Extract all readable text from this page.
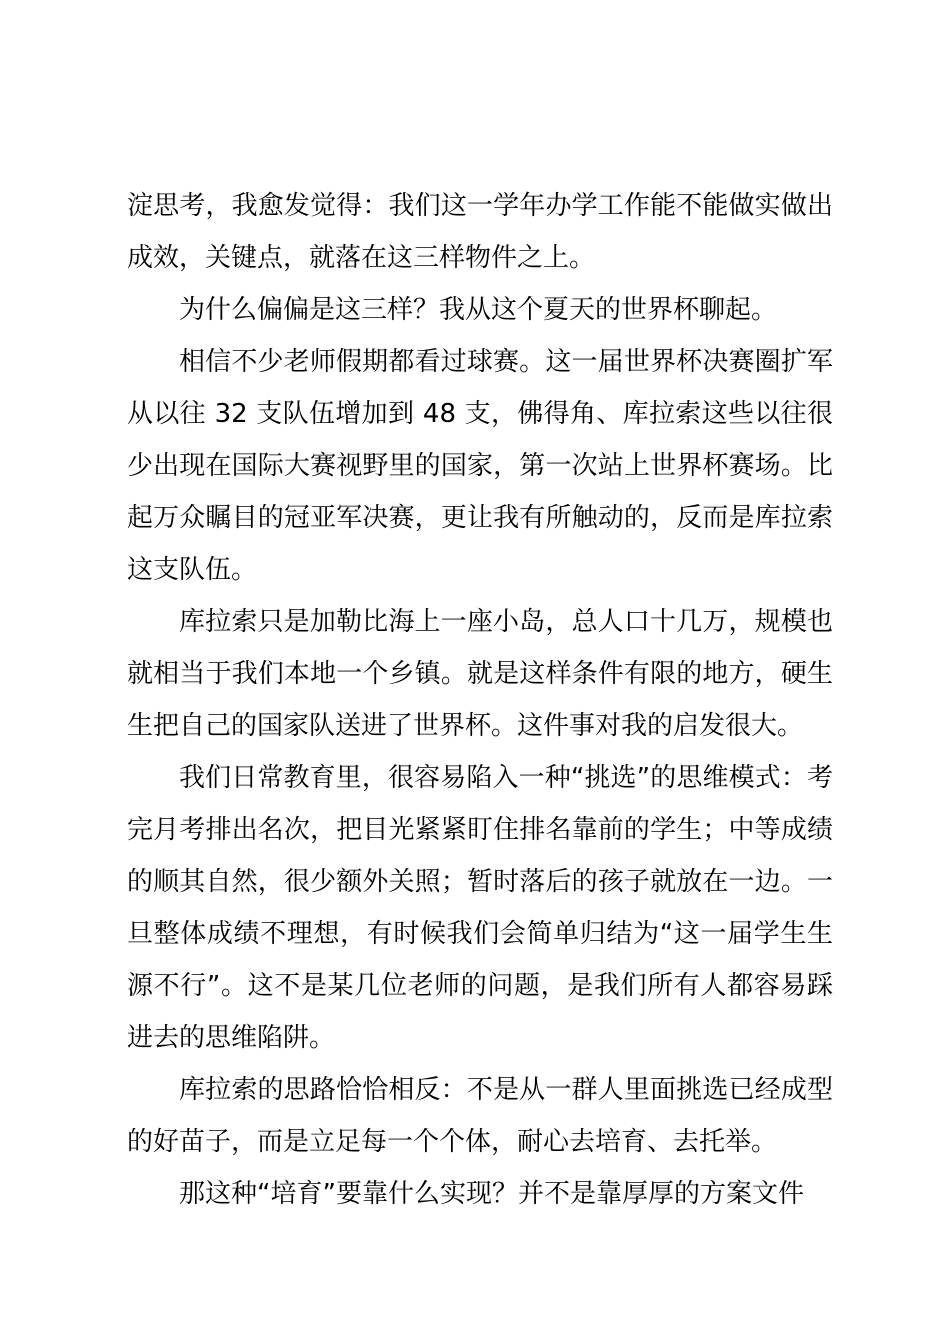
淀思考，我愈发觉得：我们这一学年办学工作能不能做实做出成效，关键点，就落在这三样物件之上。

为什么偏偏是这三样？我从这个夏天的世界杯聊起。

相信不少老师假期都看过球赛。这一届世界杯决赛圈扩军从以往 32 支队伍增加到 48 支，佛得角、库拉索这些以往很少出现在国际大赛视野里的国家，第一次站上世界杯赛场。比起万众瞩目的冠亚军决赛，更让我有所触动的，反而是库拉索这支队伍。

库拉索只是加勒比海上一座小岛，总人口十几万，规模也就相当于我们本地一个乡镇。就是这样条件有限的地方，硬生生把自己的国家队送进了世界杯。这件事对我的启发很大。

我们日常教育里，很容易陷入一种“挑选”的思维模式：考完月考排出名次，把目光紧紧盯住排名靠前的学生；中等成绩的顺其自然，很少额外关照；暂时落后的孩子就放在一边。一旦整体成绩不理想，有时候我们会简单归结为“这一届学生生源不行”。这不是某几位老师的问题，是我们所有人都容易踩进去的思维陷阱。

库拉索的思路恰恰相反：不是从一群人里面挑选已经成型的好苗子，而是立足每一个个体，耐心去培育、去托举。

那这种“培育”要靠什么实现？并不是靠厚厚的方案文件
